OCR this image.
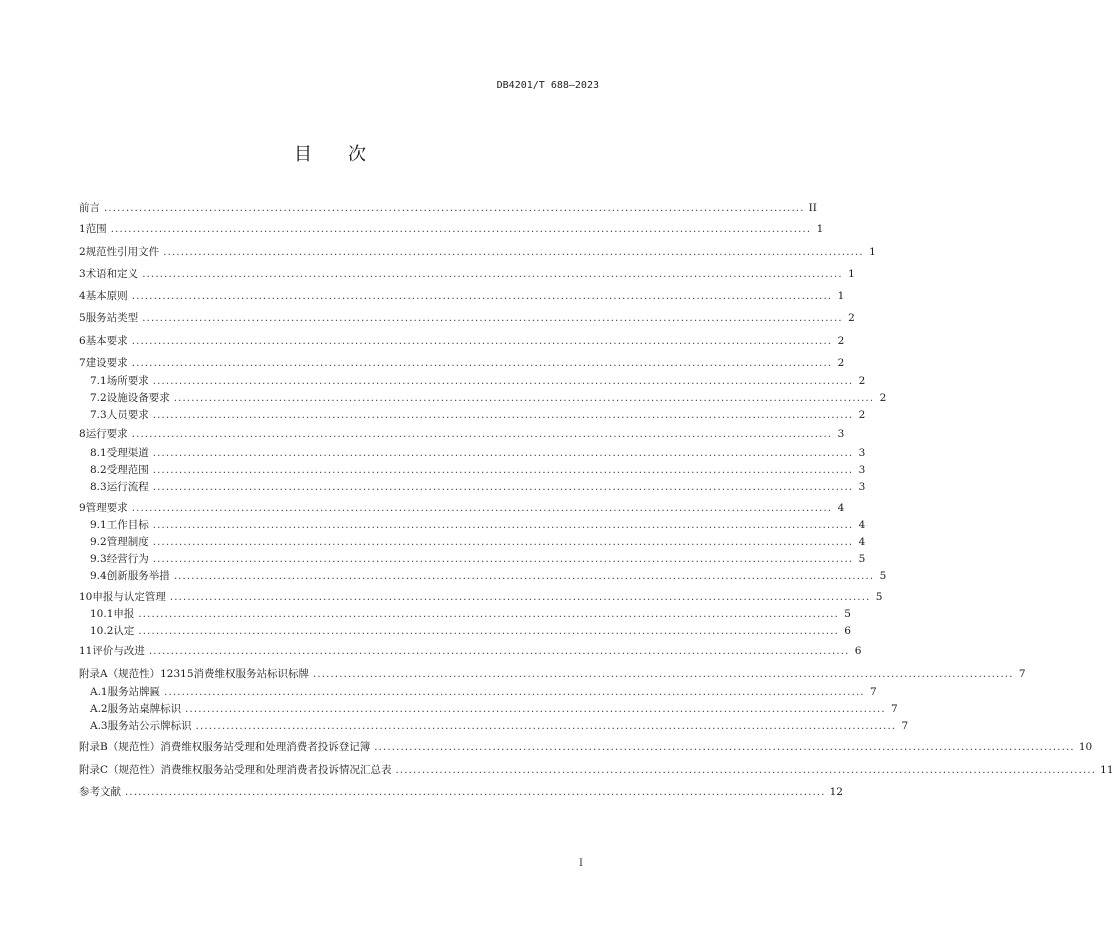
DB4201/T 688—2023
目 次
前言 ................................................................................................................................................................ II
1 范围 ................................................................................................................................................................ 1
2 规范性引用文件 ................................................................................................................................................................ 1
3 术语和定义 ................................................................................................................................................................ 1
4 基本原则 ................................................................................................................................................................ 1
5 服务站类型 ................................................................................................................................................................ 2
6 基本要求 ................................................................................................................................................................ 2
7 建设要求 ................................................................................................................................................................ 2
7.1 场所要求 ................................................................................................................................................................ 2
7.2 设施设备要求 ................................................................................................................................................................ 2
7.3 人员要求 ................................................................................................................................................................ 2
8 运行要求 ................................................................................................................................................................ 3
8.1 受理渠道 ................................................................................................................................................................ 3
8.2 受理范围 ................................................................................................................................................................ 3
8.3 运行流程 ................................................................................................................................................................ 3
9 管理要求 ................................................................................................................................................................ 4
9.1 工作目标 ................................................................................................................................................................ 4
9.2 管理制度 ................................................................................................................................................................ 4
9.3 经营行为 ................................................................................................................................................................ 5
9.4 创新服务举措 ................................................................................................................................................................ 5
10 申报与认定管理 ................................................................................................................................................................ 5
10.1 申报 ................................................................................................................................................................ 5
10.2 认定 ................................................................................................................................................................ 6
11 评价与改进 ................................................................................................................................................................ 6
附录A（规范性） 12315消费维权服务站标识标牌 ................................................................................................................................................................ 7
A.1 服务站牌匾 ................................................................................................................................................................ 7
A.2 服务站桌牌标识 ................................................................................................................................................................ 7
A.3 服务站公示牌标识 ................................................................................................................................................................ 7
附录B（规范性） 消费维权服务站受理和处理消费者投诉登记簿 ................................................................................................................................................................ 10
附录C（规范性） 消费维权服务站受理和处理消费者投诉情况汇总表 ................................................................................................................................................................ 11
参考文献 ................................................................................................................................................................ 12
I
